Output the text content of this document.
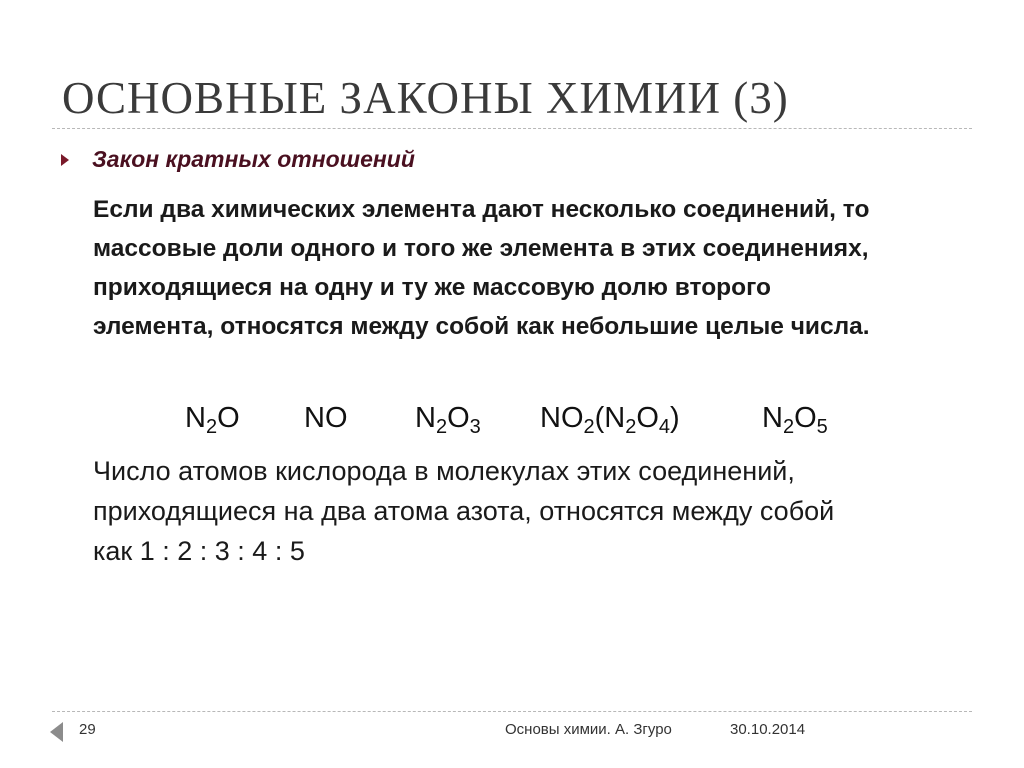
ОСНОВНЫЕ ЗАКОНЫ ХИМИИ (3)
Закон кратных отношений
Если два химических элемента дают несколько соединений, то
массовые доли одного и того же элемента в этих соединениях,
приходящиеся на одну и ту же массовую долю второго
элемента, относятся между собой как небольшие целые числа.
$N_2O$ NO $N_2O_3$ $NO_2(N_2O_4)$	$N_2O_5$
Число атомов кислорода в молекулах этих соединений,
приходящиеся на два атома азота, относятся между собой
как 1 : 2 : 3 : 4 : 5
29	Основы химии. А. Згуро	30.10.2014
